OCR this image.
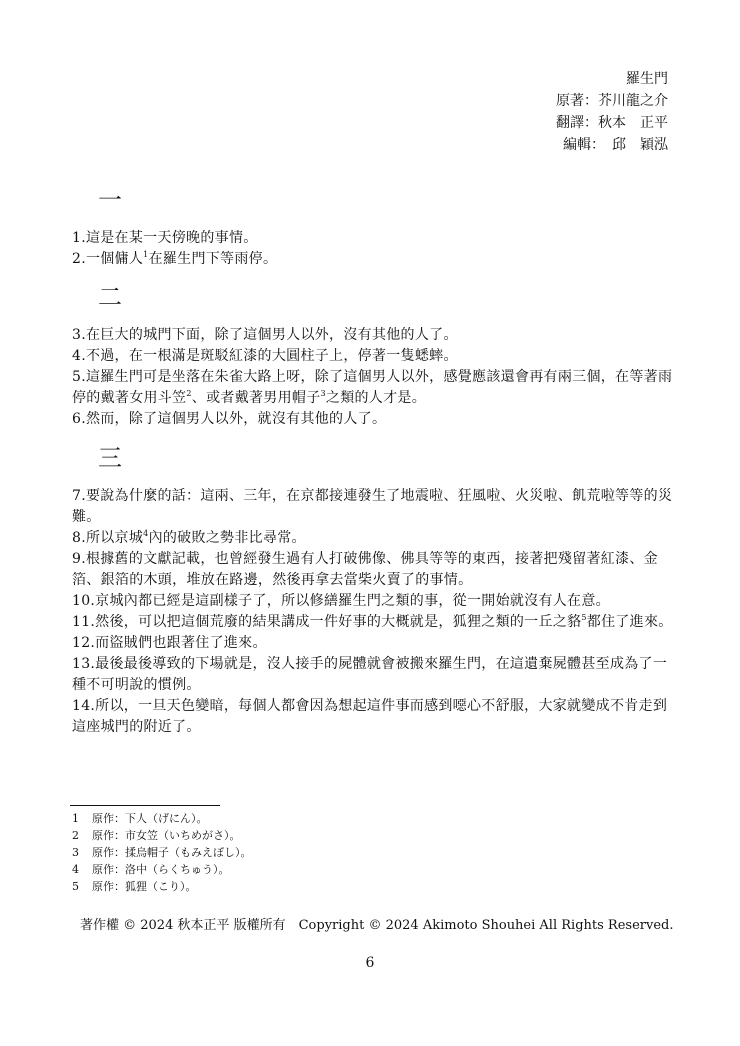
羅生門
原著：芥川龍之介
翻譯：秋本　正平
編輯：　邱　穎泓
一

1.這是在某一天傍晚的事情。

2.一個傭人$^1$在羅生門下等雨停。

二

3.在巨大的城門下面，除了這個男人以外，沒有其他的人了。

4.不過，在一根滿是斑駁紅漆的大圓柱子上，停著一隻蟋蟀。

5.這羅生門可是坐落在朱雀大路上呀，除了這個男人以外，感覺應該還會再有兩三個，在等著雨停的戴著女用斗笠$^2$、或者戴著男用帽子$^3$之類的人才是。

6.然而，除了這個男人以外，就沒有其他的人了。

三

7.要說為什麼的話：這兩、三年，在京都接連發生了地震啦、狂風啦、火災啦、飢荒啦等等的災難。

8.所以京城$^4$內的破敗之勢非比尋常。

9.根據舊的文獻記載，也曾經發生過有人打破佛像、佛具等等的東西，接著把殘留著紅漆、金箔、銀箔的木頭，堆放在路邊，然後再拿去當柴火賣了的事情。

10.京城內都已經是這副樣子了，所以修繕羅生門之類的事，從一開始就沒有人在意。

11.然後，可以把這個荒廢的結果講成一件好事的大概就是，狐狸之類的一丘之貉$^5$都住了進來。

12.而盜賊們也跟著住了進來。

13.最後最後導致的下場就是，沒人接手的屍體就會被搬來羅生門，在這遺棄屍體甚至成為了一種不可明說的慣例。

14.所以，一旦天色變暗，每個人都會因為想起這件事而感到噁心不舒服，大家就變成不肯走到這座城門的附近了。

1	原作：下人（げにん）。
2	原作：市女笠（いちめがさ）。
3	原作：揉烏帽子（もみえぼし）。
4	原作：洛中（らくちゅう）。
5	原作：狐狸（こり）。
著作權 © 2024 秋本正平 版權所有　Copyright © 2024 Akimoto Shouhei All Rights Reserved.
6
